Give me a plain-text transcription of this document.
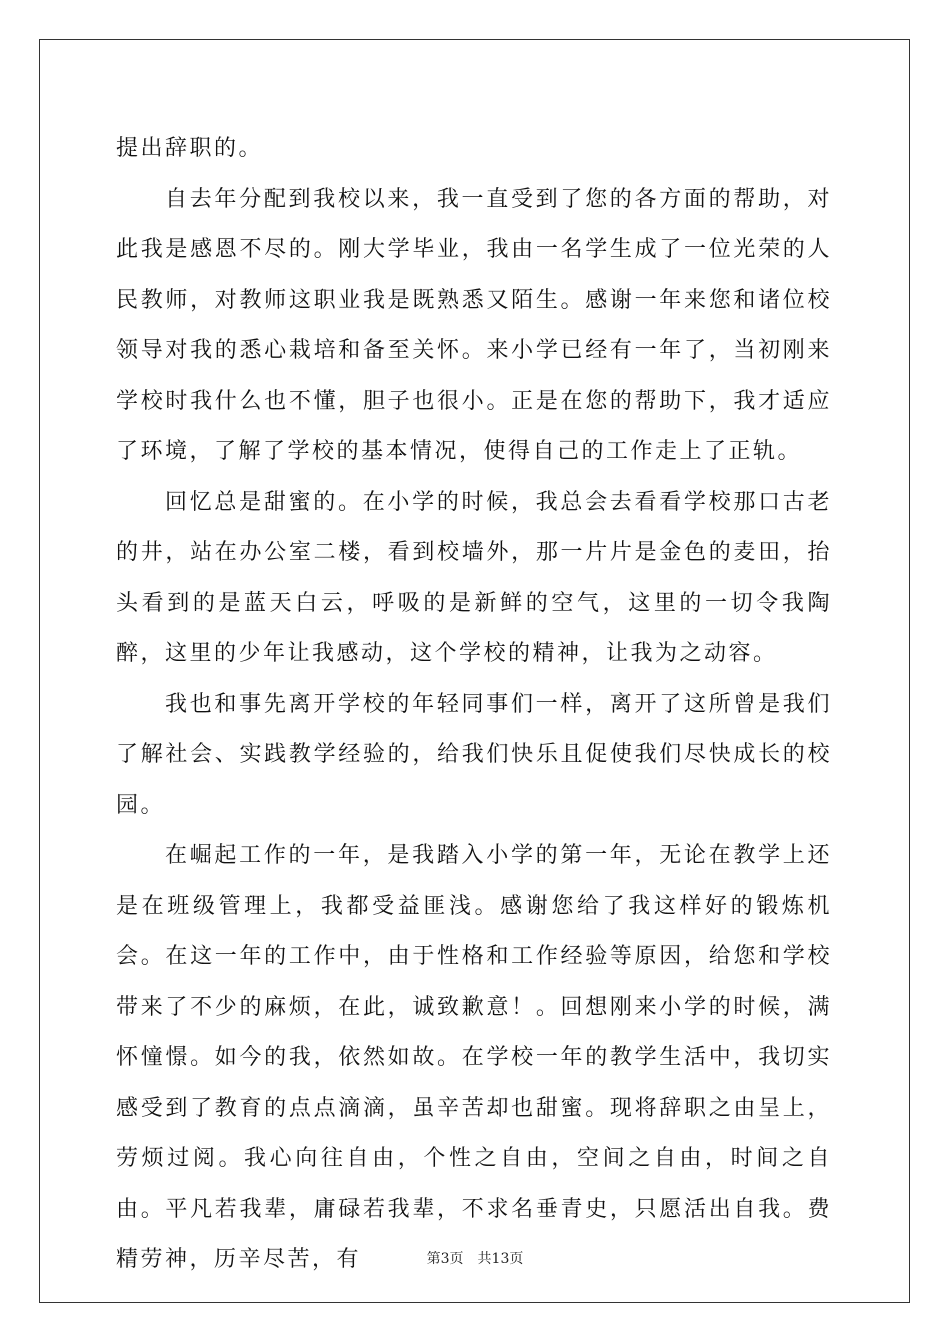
提出辞职的。

自去年分配到我校以来，我一直受到了您的各方面的帮助，对此我是感恩不尽的。刚大学毕业，我由一名学生成了一位光荣的人民教师，对教师这职业我是既熟悉又陌生。感谢一年来您和诸位校领导对我的悉心栽培和备至关怀。来小学已经有一年了，当初刚来学校时我什么也不懂，胆子也很小。正是在您的帮助下，我才适应了环境，了解了学校的基本情况，使得自己的工作走上了正轨。

回忆总是甜蜜的。在小学的时候，我总会去看看学校那口古老的井，站在办公室二楼，看到校墙外，那一片片是金色的麦田，抬头看到的是蓝天白云，呼吸的是新鲜的空气，这里的一切令我陶醉，这里的少年让我感动，这个学校的精神，让我为之动容。

我也和事先离开学校的年轻同事们一样，离开了这所曾是我们了解社会、实践教学经验的，给我们快乐且促使我们尽快成长的校园。

在崛起工作的一年，是我踏入小学的第一年，无论在教学上还是在班级管理上，我都受益匪浅。感谢您给了我这样好的锻炼机会。在这一年的工作中，由于性格和工作经验等原因，给您和学校带来了不少的麻烦，在此，诚致歉意！。回想刚来小学的时候，满怀憧憬。如今的我，依然如故。在学校一年的教学生活中，我切实感受到了教育的点点滴滴，虽辛苦却也甜蜜。现将辞职之由呈上，劳烦过阅。我心向往自由，个性之自由，空间之自由，时间之自由。平凡若我辈，庸碌若我辈，不求名垂青史，只愿活出自我。费精劳神，历辛尽苦，有	第3页 共13页
